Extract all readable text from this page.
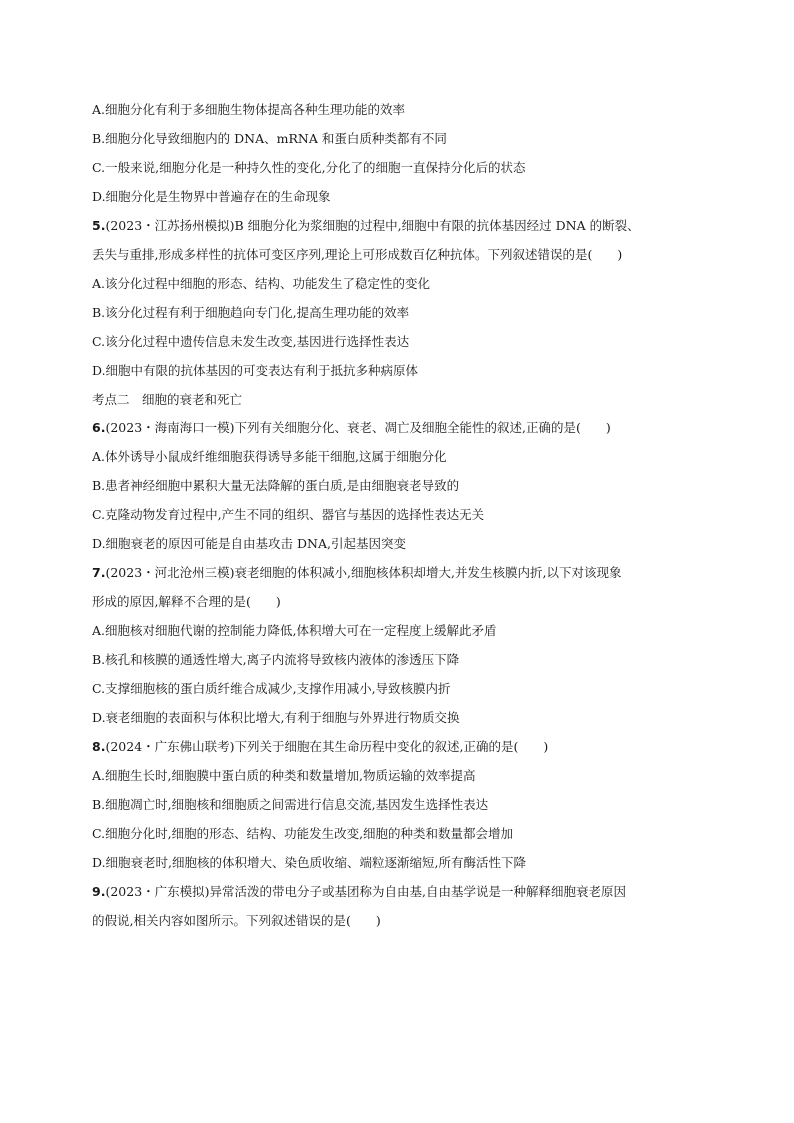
A.细胞分化有利于多细胞生物体提高各种生理功能的效率
B.细胞分化导致细胞内的 DNA、mRNA 和蛋白质种类都有不同
C.一般来说,细胞分化是一种持久性的变化,分化了的细胞一直保持分化后的状态
D.细胞分化是生物界中普遍存在的生命现象
5.(2023・江苏扬州模拟)B 细胞分化为浆细胞的过程中,细胞中有限的抗体基因经过 DNA 的断裂、
丢失与重排,形成多样性的抗体可变区序列,理论上可形成数百亿种抗体。下列叙述错误的是(　　)
A.该分化过程中细胞的形态、结构、功能发生了稳定性的变化
B.该分化过程有利于细胞趋向专门化,提高生理功能的效率
C.该分化过程中遗传信息未发生改变,基因进行选择性表达
D.细胞中有限的抗体基因的可变表达有利于抵抗多种病原体
考点二　细胞的衰老和死亡
6.(2023・海南海口一模)下列有关细胞分化、衰老、凋亡及细胞全能性的叙述,正确的是(　　)
A.体外诱导小鼠成纤维细胞获得诱导多能干细胞,这属于细胞分化
B.患者神经细胞中累积大量无法降解的蛋白质,是由细胞衰老导致的
C.克隆动物发育过程中,产生不同的组织、器官与基因的选择性表达无关
D.细胞衰老的原因可能是自由基攻击 DNA,引起基因突变
7.(2023・河北沧州三模)衰老细胞的体积减小,细胞核体积却增大,并发生核膜内折,以下对该现象
形成的原因,解释不合理的是(　　)
A.细胞核对细胞代谢的控制能力降低,体积增大可在一定程度上缓解此矛盾
B.核孔和核膜的通透性增大,离子内流将导致核内液体的渗透压下降
C.支撑细胞核的蛋白质纤维合成减少,支撑作用减小,导致核膜内折
D.衰老细胞的表面积与体积比增大,有利于细胞与外界进行物质交换
8.(2024・广东佛山联考)下列关于细胞在其生命历程中变化的叙述,正确的是(　　)
A.细胞生长时,细胞膜中蛋白质的种类和数量增加,物质运输的效率提高
B.细胞凋亡时,细胞核和细胞质之间需进行信息交流,基因发生选择性表达
C.细胞分化时,细胞的形态、结构、功能发生改变,细胞的种类和数量都会增加
D.细胞衰老时,细胞核的体积增大、染色质收缩、端粒逐渐缩短,所有酶活性下降
9.(2023・广东模拟)异常活泼的带电分子或基团称为自由基,自由基学说是一种解释细胞衰老原因
的假说,相关内容如图所示。下列叙述错误的是(　　)
